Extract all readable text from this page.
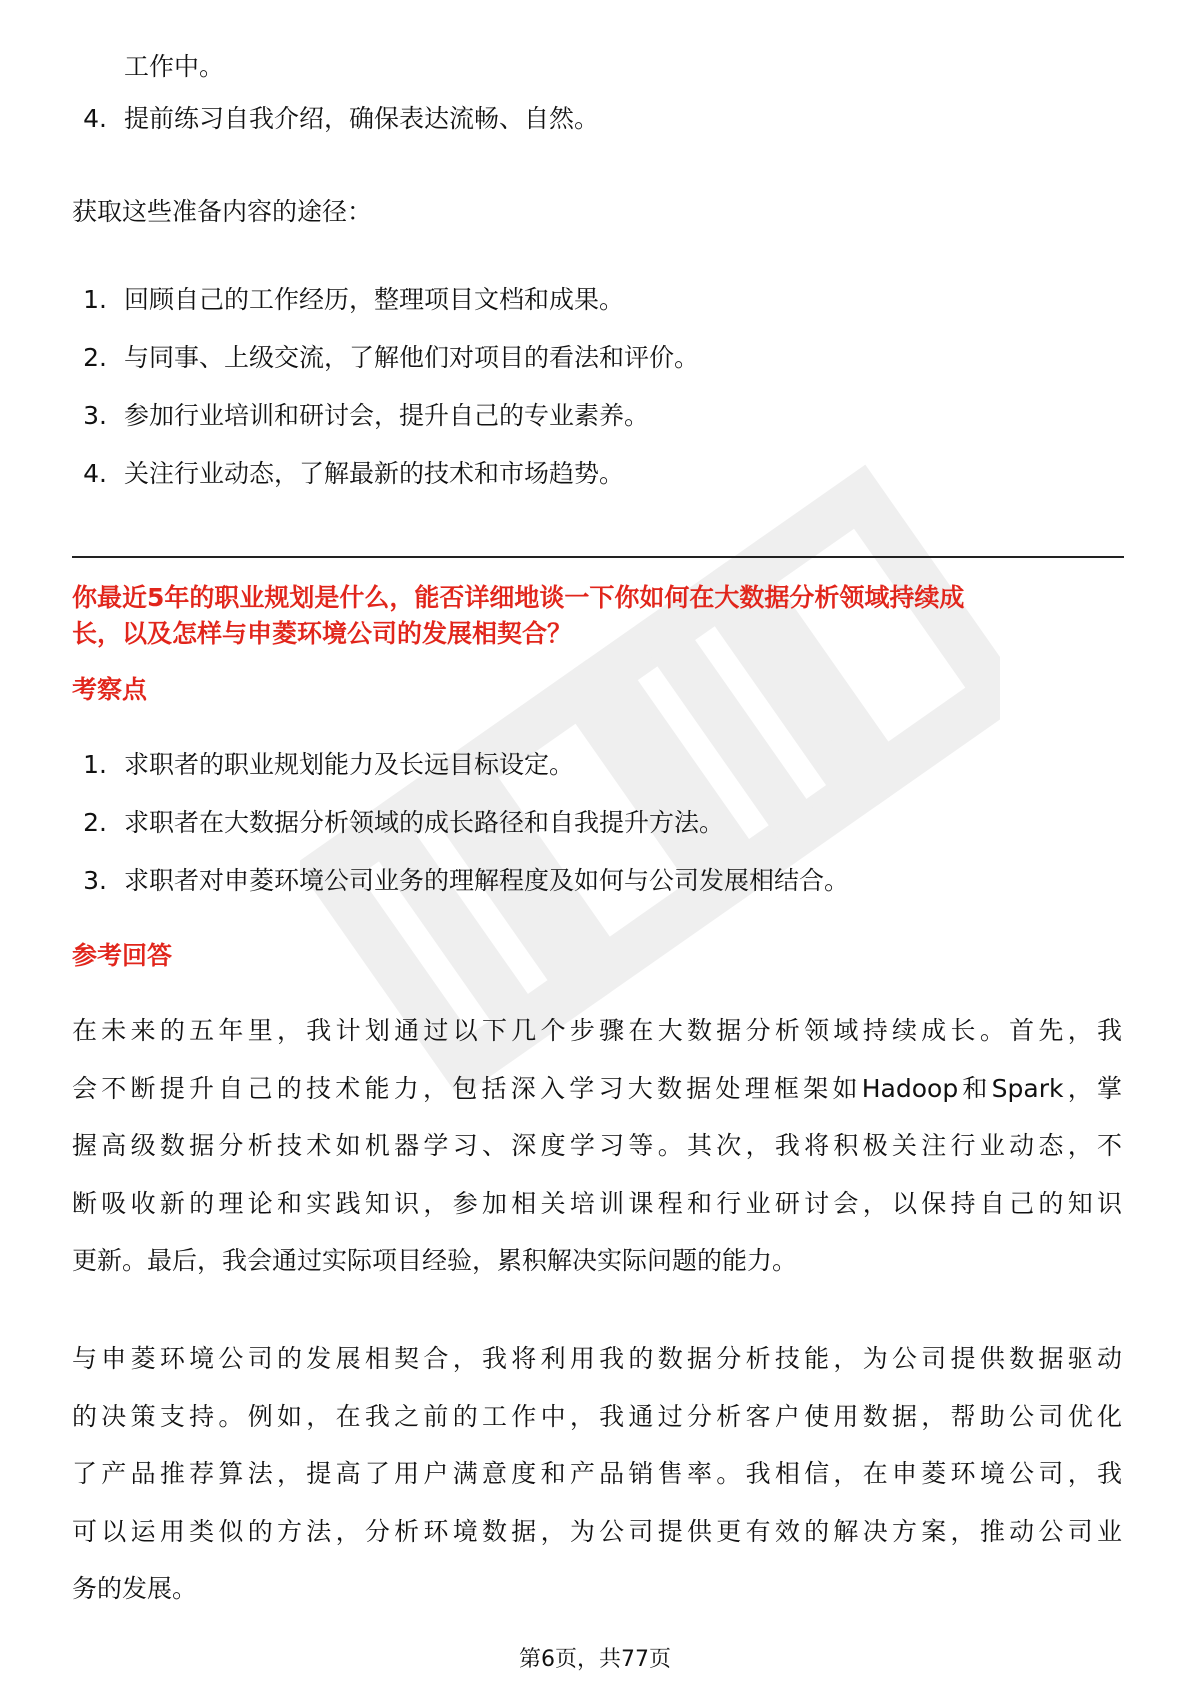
工作中。
4. 提前练习自我介绍，确保表达流畅、自然。
获取这些准备内容的途径：
1. 回顾自己的工作经历，整理项目文档和成果。
2. 与同事、上级交流，了解他们对项目的看法和评价。
3. 参加行业培训和研讨会，提升自己的专业素养。
4. 关注行业动态，了解最新的技术和市场趋势。
你最近5年的职业规划是什么，能否详细地谈一下你如何在大数据分析领域持续成
长，以及怎样与申菱环境公司的发展相契合？
考察点
1. 求职者的职业规划能力及长远目标设定。
2. 求职者在大数据分析领域的成长路径和自我提升方法。
3. 求职者对申菱环境公司业务的理解程度及如何与公司发展相结合。
参考回答
在未来的五年里，我计划通过以下几个步骤在大数据分析领域持续成长。首先，我
会不断提升自己的技术能力，包括深入学习大数据处理框架如Hadoop和Spark，掌
握高级数据分析技术如机器学习、深度学习等。其次，我将积极关注行业动态，不
断吸收新的理论和实践知识，参加相关培训课程和行业研讨会，以保持自己的知识
更新。最后，我会通过实际项目经验，累积解决实际问题的能力。
与申菱环境公司的发展相契合，我将利用我的数据分析技能，为公司提供数据驱动
的决策支持。例如，在我之前的工作中，我通过分析客户使用数据，帮助公司优化
了产品推荐算法，提高了用户满意度和产品销售率。我相信，在申菱环境公司，我
可以运用类似的方法，分析环境数据，为公司提供更有效的解决方案，推动公司业
务的发展。
第6页，共77页
